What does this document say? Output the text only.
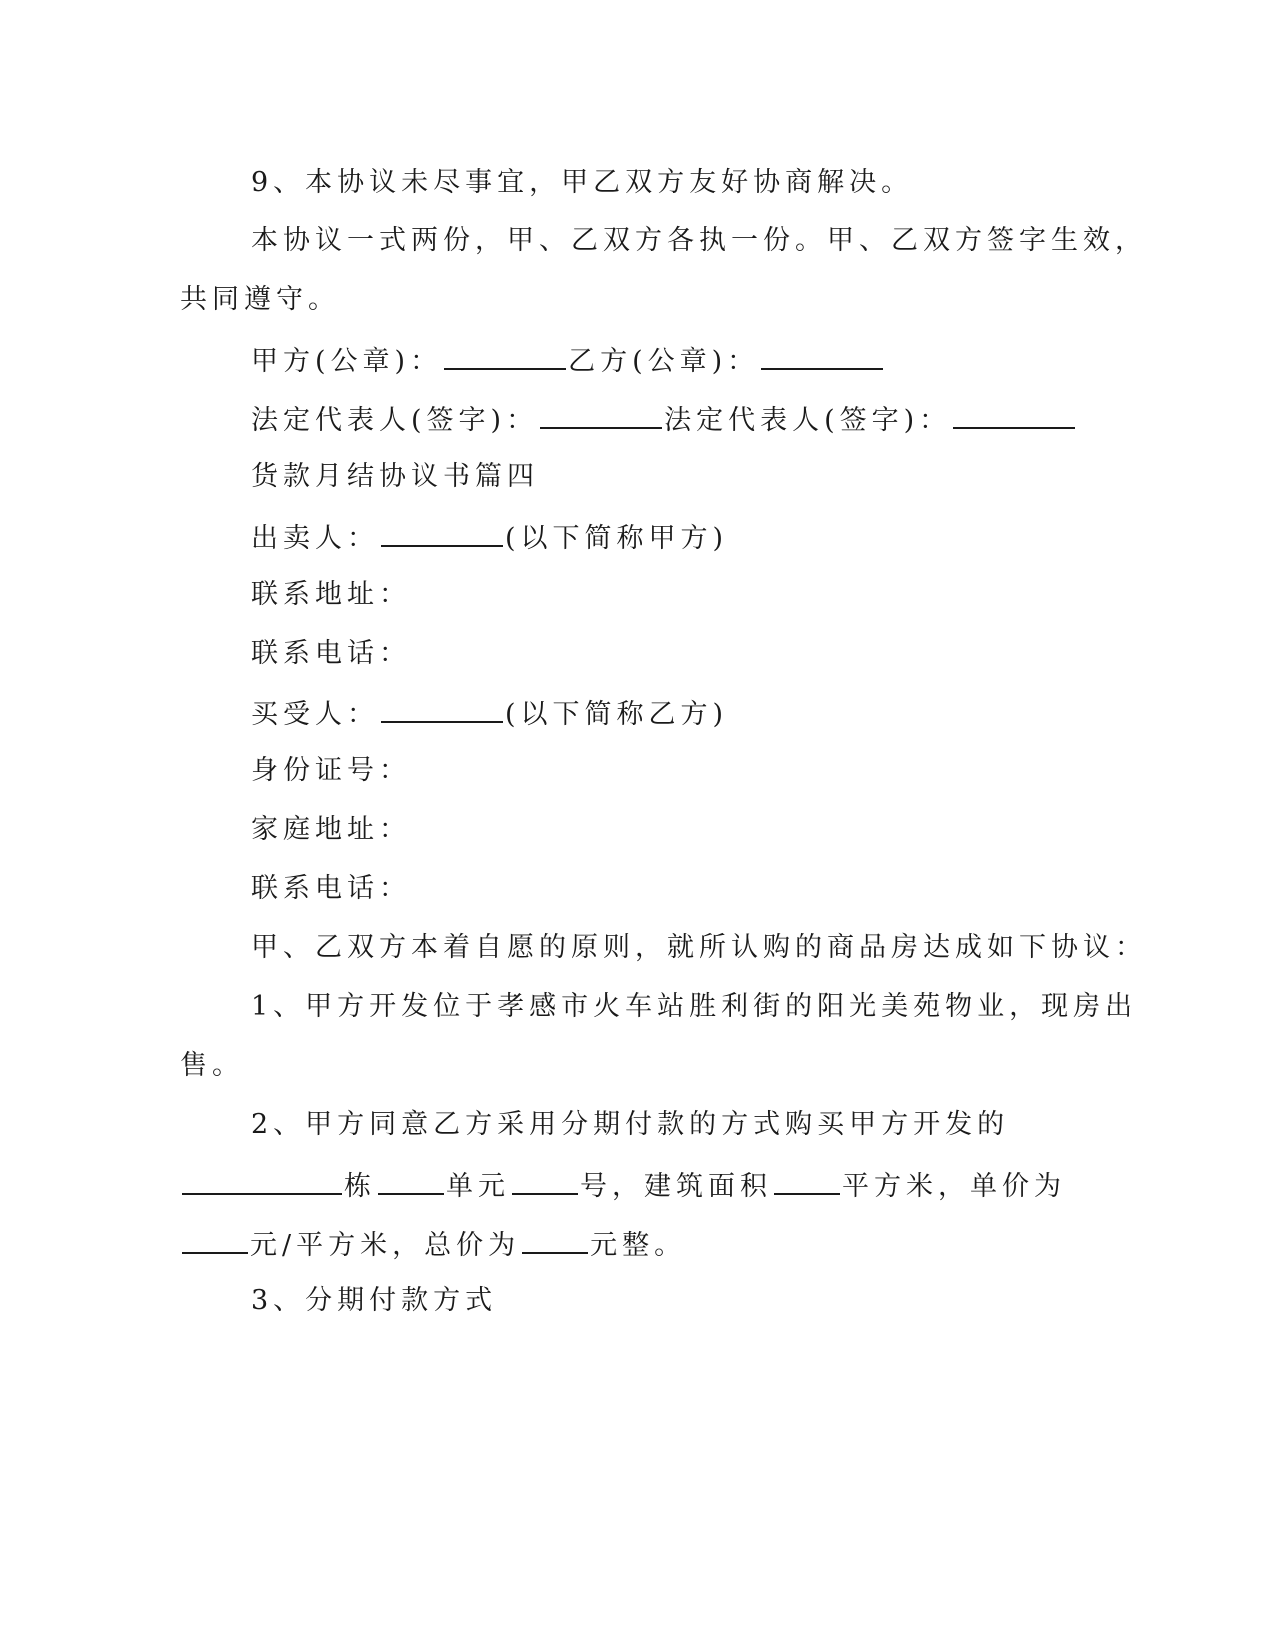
9、本协议未尽事宜，甲乙双方友好协商解决。
本协议一式两份，甲、乙双方各执一份。甲、乙双方签字生效，
共同遵守。
甲方(公章)：	乙方(公章)：
法定代表人(签字)：	法定代表人(签字)：
货款月结协议书篇四
出卖人：	(以下简称甲方)
联系地址：
联系电话：
买受人：	(以下简称乙方)
身份证号：
家庭地址：
联系电话：
甲、乙双方本着自愿的原则，就所认购的商品房达成如下协议：
1、甲方开发位于孝感市火车站胜利街的阳光美苑物业，现房出
售。
2、甲方同意乙方采用分期付款的方式购买甲方开发的
栋	单元	号，建筑面积	平方米，单价为
元/平方米，总价为	元整。
3、分期付款方式
